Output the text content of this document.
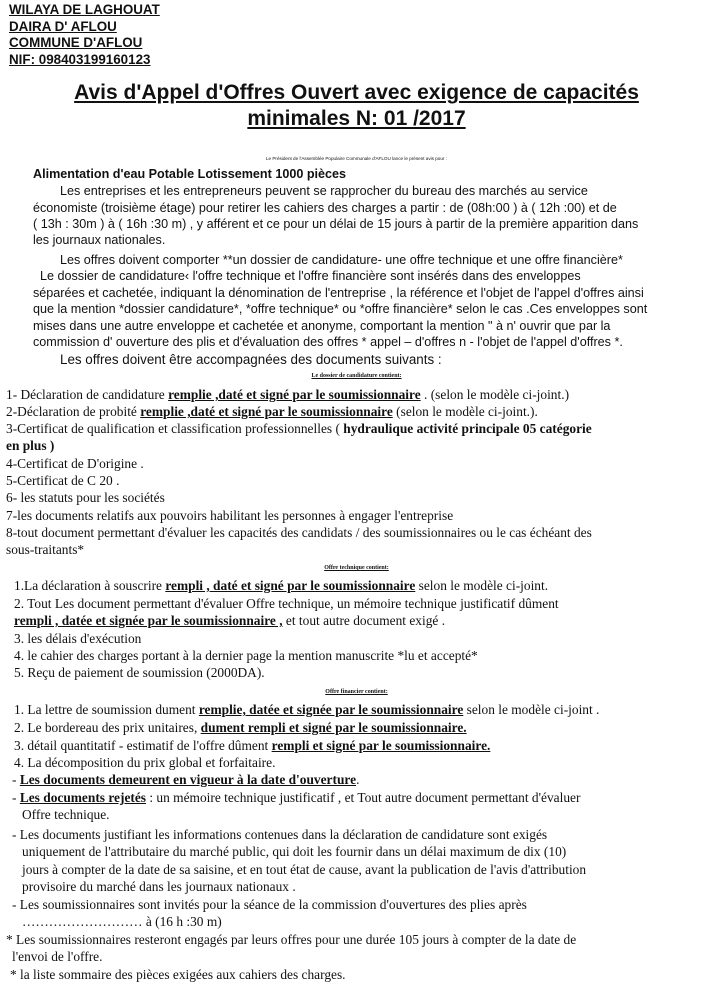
WILAYA DE LAGHOUAT
DAIRA D' AFLOU
COMMUNE D'AFLOU
NIF: 098403199160123
Avis d'Appel d'Offres Ouvert avec exigence de capacités
minimales N: 01 /2017
Le Président de l'Assemblée Populaire Communale d'AFLOU lance le présent avis pour :
Alimentation d'eau Potable Lotissement 1000 pièces
Les entreprises et les entrepreneurs peuvent se rapprocher du bureau des marchés au service
économiste (troisième étage) pour retirer les cahiers des charges a partir : de (08h:00 ) à ( 12h :00) et de
( 13h : 30m ) à ( 16h :30 m) , y afférent et ce pour un délai de 15 jours à partir de la première apparition dans
les journaux nationales.
Les offres doivent comporter **un dossier de candidature- une offre technique et une offre financière*
Le dossier de candidature‹ l'offre technique et l'offre financière sont insérés dans des enveloppes
séparées et cachetée, indiquant la dénomination de l'entreprise , la référence et l'objet de l'appel d'offres ainsi
que la mention *dossier candidature*, *offre technique* ou *offre financière* selon le cas .Ces enveloppes sont
mises dans une autre enveloppe et cachetée et anonyme, comportant la mention " à n' ouvrir que par la
commission d' ouverture des plis et d'évaluation des offres * appel – d'offres n - l'objet de l'appel d'offres *.
Les offres doivent être accompagnées des documents suivants :
Le dossier de candidature contient:
1- Déclaration de candidature remplie ,daté et signé par le soumissionnaire . (selon le modèle ci-joint.)
2-Déclaration de probité remplie ,daté et signé par le soumissionnaire (selon le modèle ci-joint.).
3-Certificat de qualification et classification professionnelles ( hydraulique activité principale 05 catégorie
en plus )
4-Certificat de D'origine .
5-Certificat de C 20 .
6- les statuts pour les sociétés
7-les documents relatifs aux pouvoirs habilitant les personnes à engager l'entreprise
8-tout document permettant d'évaluer les capacités des candidats / des soumissionnaires ou le cas échéant des
sous-traitants*
Offre technique contient:
1.La déclaration à souscrire rempli , daté et signé par le soumissionnaire selon le modèle ci-joint.
2. Tout Les document permettant d'évaluer Offre technique, un mémoire technique justificatif dûment
rempli , datée et signée par le soumissionnaire , et tout autre document exigé .
3. les délais d'exécution
4. le cahier des charges portant à la dernier page la mention manuscrite *lu et accepté*
5. Reçu de paiement de soumission (2000DA).
Offre financier contient:
1. La lettre de soumission dument remplie, datée et signée par le soumissionnaire selon le modèle ci-joint .
2. Le bordereau des prix unitaires, dument rempli et signé par le soumissionnaire.
3. détail quantitatif - estimatif de l'offre dûment rempli et signé par le soumissionnaire.
4. La décomposition du prix global et forfaitaire.
- Les documents demeurent en vigueur à la date d'ouverture.
- Les documents rejetés : un mémoire technique justificatif , et Tout autre document permettant d'évaluer
Offre technique.
- Les documents justifiant les informations contenues dans la déclaration de candidature sont exigés
uniquement de l'attributaire du marché public, qui doit les fournir dans un délai maximum de dix (10)
jours à compter de la date de sa saisine, et en tout état de cause, avant la publication de l'avis d'attribution
provisoire du marché dans les journaux nationaux .
- Les soumissionnaires sont invités pour la séance de la commission d'ouvertures des plies après
……………………… à (16 h :30 m)
* Les soumissionnaires resteront engagés par leurs offres pour une durée 105 jours à compter de la date de
l'envoi de l'offre.
* la liste sommaire des pièces exigées aux cahiers des charges.
